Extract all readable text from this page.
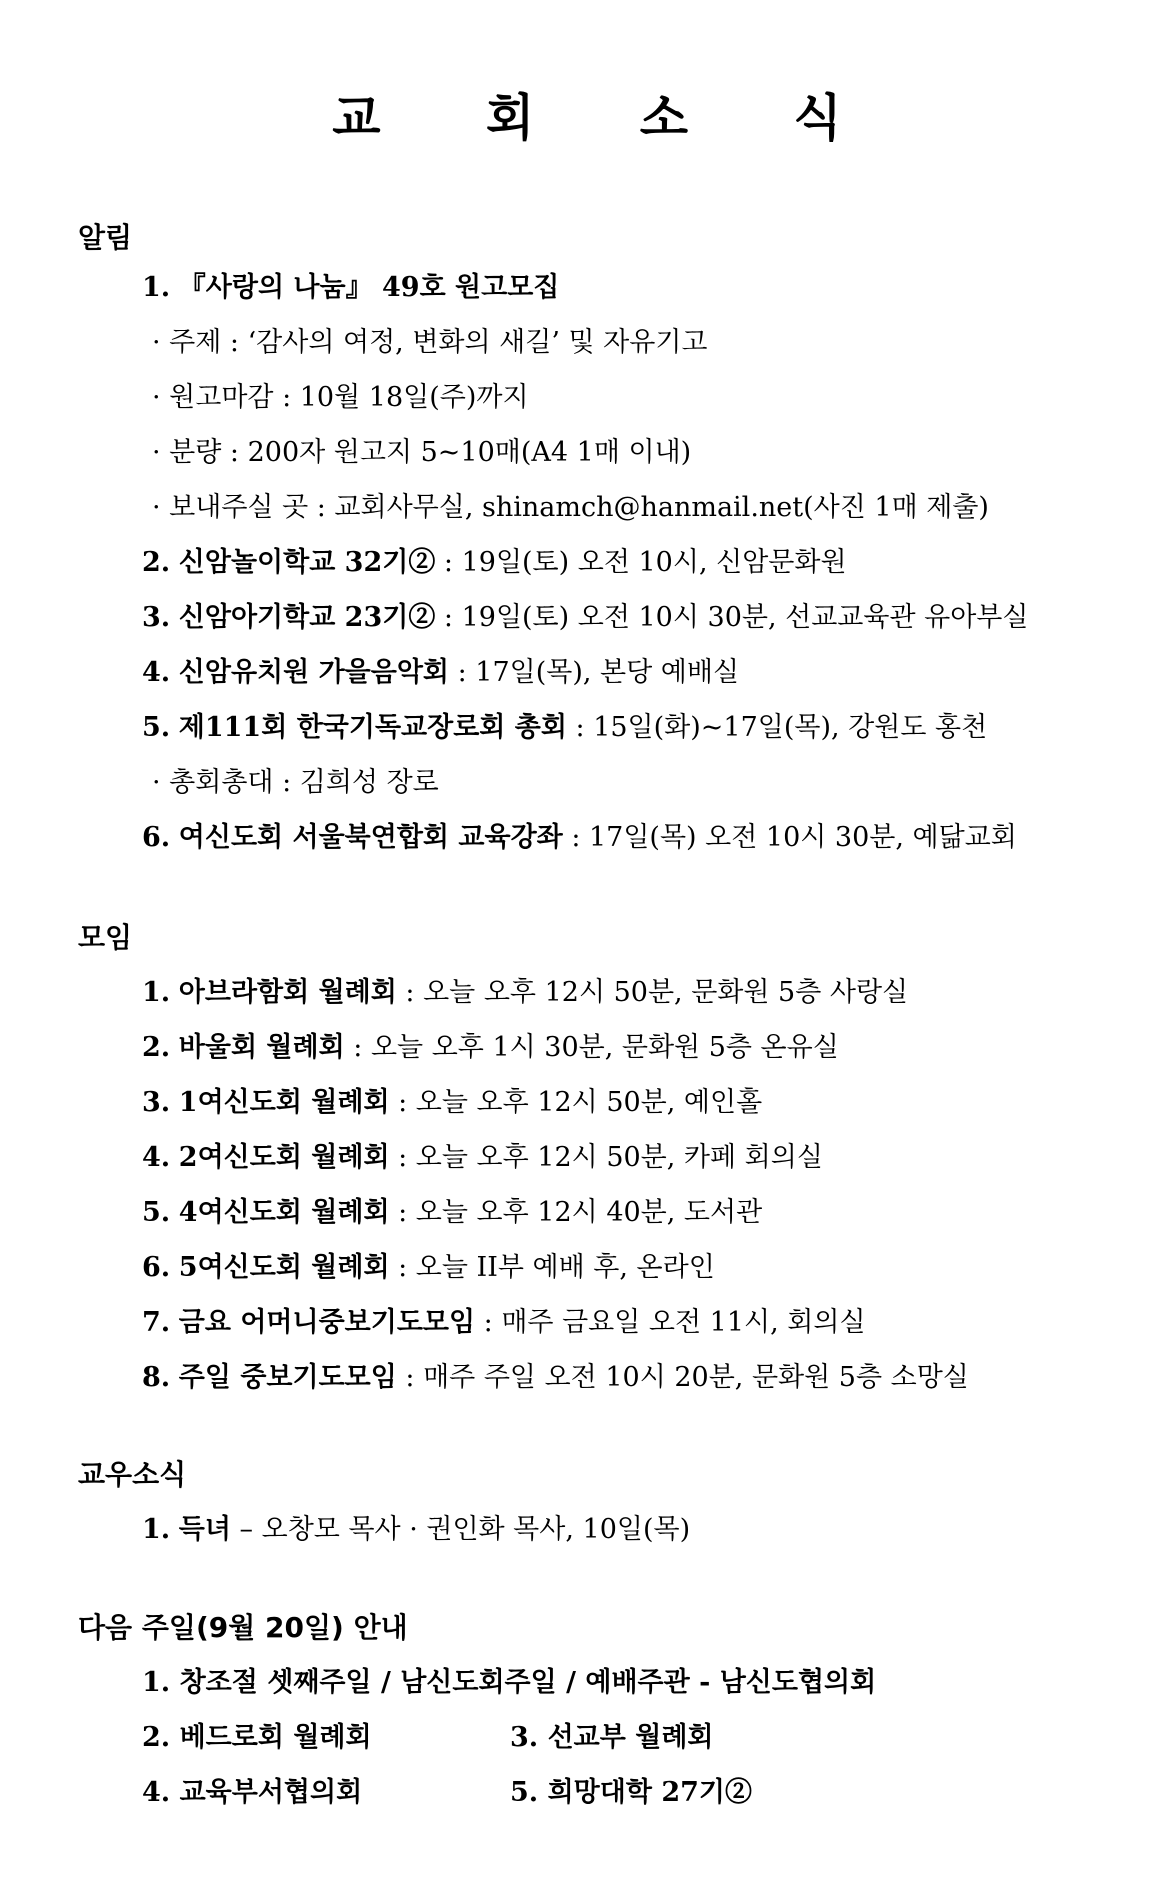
교 회 소 식
알림
1. 『사랑의 나눔』 49호 원고모집
· 주제 : ‘감사의 여정, 변화의 새길’ 및 자유기고
· 원고마감 : 10월 18일(주)까지
· 분량 : 200자 원고지 5~10매(A4 1매 이내)
· 보내주실 곳 : 교회사무실, shinamch@hanmail.net(사진 1매 제출)
2. 신암놀이학교 32기② : 19일(토) 오전 10시, 신암문화원
3. 신암아기학교 23기② : 19일(토) 오전 10시 30분, 선교교육관 유아부실
4. 신암유치원 가을음악회 : 17일(목), 본당 예배실
5. 제111회 한국기독교장로회 총회 : 15일(화)~17일(목), 강원도 홍천
· 총회총대 : 김희성 장로
6. 여신도회 서울북연합회 교육강좌 : 17일(목) 오전 10시 30분, 예닮교회
모임
1. 아브라함회 월례회 : 오늘 오후 12시 50분, 문화원 5층 사랑실
2. 바울회 월례회 : 오늘 오후 1시 30분, 문화원 5층 온유실
3. 1여신도회 월례회 : 오늘 오후 12시 50분, 예인홀
4. 2여신도회 월례회 : 오늘 오후 12시 50분, 카페 회의실
5. 4여신도회 월례회 : 오늘 오후 12시 40분, 도서관
6. 5여신도회 월례회 : 오늘 II부 예배 후, 온라인
7. 금요 어머니중보기도모임 : 매주 금요일 오전 11시, 회의실
8. 주일 중보기도모임 : 매주 주일 오전 10시 20분, 문화원 5층 소망실
교우소식
1. 득녀 – 오창모 목사 · 권인화 목사, 10일(목)
다음 주일(9월 20일) 안내
1. 창조절 셋째주일 / 남신도회주일 / 예배주관 - 남신도협의회
2. 베드로회 월례회	3. 선교부 월례회
4. 교육부서협의회	5. 희망대학 27기②
